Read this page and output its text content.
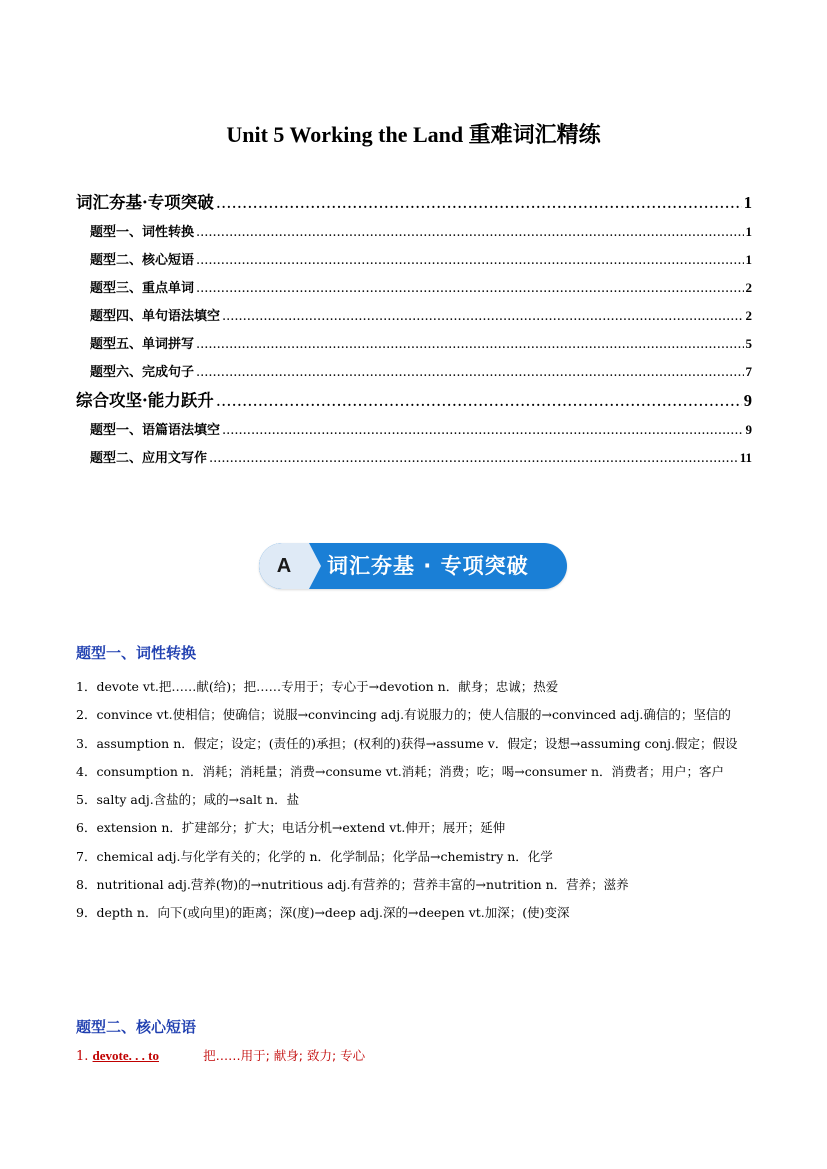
Unit 5 Working the Land 重难词汇精练
词汇夯基·专项突破 .....	1
题型一、词性转换 .....	1
题型二、核心短语 .....	1
题型三、重点单词 .....	2
题型四、单句语法填空 .....	2
题型五、单词拼写 .....	5
题型六、完成句子 .....	7
综合攻坚·能力跃升 .....	9
题型一、语篇语法填空 .....	9
题型二、应用文写作 .....	11
A	词汇夯基 · 专项突破
题型一、词性转换

1．devote vt.把……献(给)；把……专用于；专心于→devotion n．献身；忠诚；热爱

2．convince vt.使相信；使确信；说服→convincing adj.有说服力的；使人信服的→convinced adj.确信的；坚信的

3．assumption n．假定；设定；(责任的)承担；(权利的)获得→assume v．假定；设想→assuming conj.假定；假设

4．consumption n．消耗；消耗量；消费→consume vt.消耗；消费；吃；喝→consumer n．消费者；用户；客户

5．salty adj.含盐的；咸的→salt n．盐

6．extension n．扩建部分；扩大；电话分机→extend vt.伸开；展开；延伸

7．chemical adj.与化学有关的；化学的 n．化学制品；化学品→chemistry n．化学

8．nutritional adj.营养(物)的→nutritious adj.有营养的；营养丰富的→nutrition n．营养；滋养

9．depth n．向下(或向里)的距离；深(度)→deep adj.深的→deepen vt.加深；(使)变深

题型二、核心短语
1. devote. . . to	把……用于; 献身; 致力; 专心
